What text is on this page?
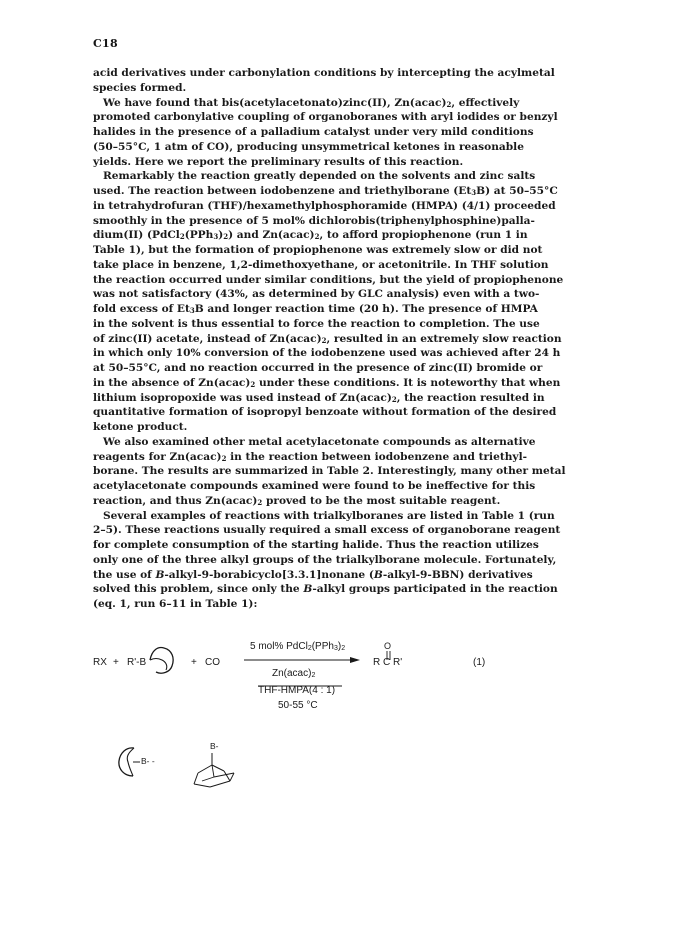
C18

acid derivatives under carbonylation conditions by intercepting the acylmetal
species formed.

We have found that bis(acetylacetonato)zinc(II), $Zn(acac)_2$, effectively
promoted carbonylative coupling of organoboranes with aryl iodides or benzyl
halides in the presence of a palladium catalyst under very mild conditions
(50–55°C, 1 atm of CO), producing unsymmetrical ketones in reasonable
yields. Here we report the preliminary results of this reaction.

Remarkably the reaction greatly depended on the solvents and zinc salts
used. The reaction between iodobenzene and triethylborane $(Et_3B)$ at 50–55°C
in tetrahydrofuran (THF)/hexamethylphosphoramide (HMPA) (4/1) proceeded
smoothly in the presence of 5 mol% dichlorobis(triphenylphosphine)palla-
dium(II) $(PdCl_2(PPh_3)_2)$ and $Zn(acac)_2$, to afford propiophenone (run 1 in
Table 1), but the formation of propiophenone was extremely slow or did not
take place in benzene, 1,2-dimethoxyethane, or acetonitrile. In THF solution
the reaction occurred under similar conditions, but the yield of propiophenone
was not satisfactory (43%, as determined by GLC analysis) even with a two-
fold excess of $Et_3B$ and longer reaction time (20 h). The presence of HMPA
in the solvent is thus essential to force the reaction to completion. The use
of zinc(II) acetate, instead of $Zn(acac)_2$, resulted in an extremely slow reaction
in which only 10% conversion of the iodobenzene used was achieved after 24 h
at 50–55°C, and no reaction occurred in the presence of zinc(II) bromide or
in the absence of $Zn(acac)_2$ under these conditions. It is noteworthy that when
lithium isopropoxide was used instead of $Zn(acac)_2$, the reaction resulted in
quantitative formation of isopropyl benzoate without formation of the desired
ketone product.

We also examined other metal acetylacetonate compounds as alternative
reagents for $Zn(acac)_2$ in the reaction between iodobenzene and triethyl-
borane. The results are summarized in Table 2. Interestingly, many other metal
acetylacetonate compounds examined were found to be ineffective for this
reaction, and thus $Zn(acac)_2$ proved to be the most suitable reagent.

Several examples of reactions with trialkylboranes are listed in Table 1 (run
2–5). These reactions usually required a small excess of organoborane reagent
for complete consumption of the starting halide. Thus the reaction utilizes
only one of the three alkyl groups of the trialkylborane molecule. Fortunately,
the use of B-alkyl-9-borabicyclo[3.3.1]nonane (B-alkyl-9-BBN) derivatives
solved this problem, since only the B-alkyl groups participated in the reaction
(eq. 1, run 6–11 in Table 1):

RX + R'-B	+ CO
5 mol% $PdCl_2(PPh_3)_2$
$Zn(acac)_2$
THF-HMPA(4 : 1)
50-55 °C
O
R C R'	(1)
B- -
B-
